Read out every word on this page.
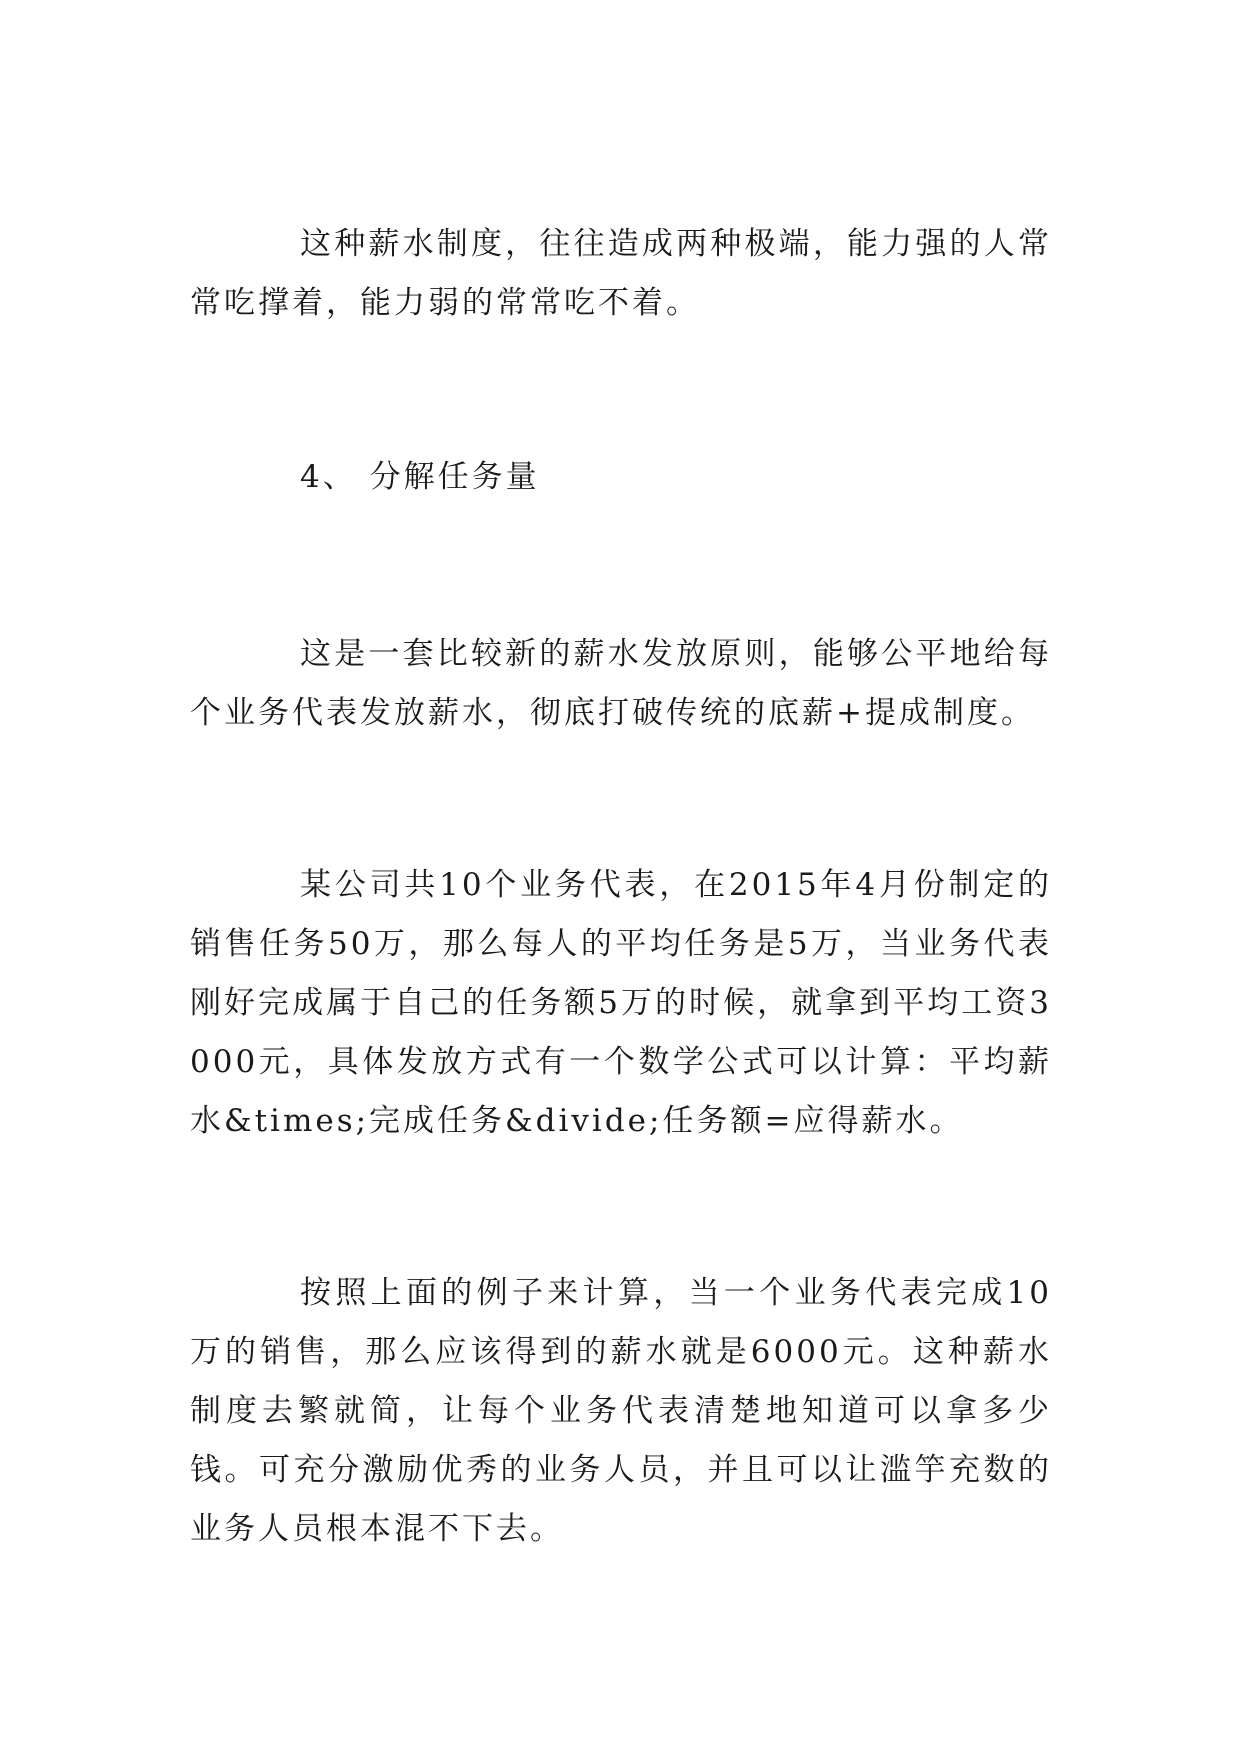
这种薪水制度，往往造成两种极端，能力强的人常常吃撑着，能力弱的常常吃不着。

4、 分解任务量

这是一套比较新的薪水发放原则，能够公平地给每个业务代表发放薪水，彻底打破传统的底薪+提成制度。

某公司共10个业务代表，在2015年4月份制定的销售任务50万，那么每人的平均任务是5万，当业务代表刚好完成属于自己的任务额5万的时候，就拿到平均工资3000元，具体发放方式有一个数学公式可以计算：平均薪水&times;完成任务&divide;任务额=应得薪水。

按照上面的例子来计算，当一个业务代表完成10万的销售，那么应该得到的薪水就是6000元。这种薪水制度去繁就简，让每个业务代表清楚地知道可以拿多少钱。可充分激励优秀的业务人员，并且可以让滥竽充数的业务人员根本混不下去。
